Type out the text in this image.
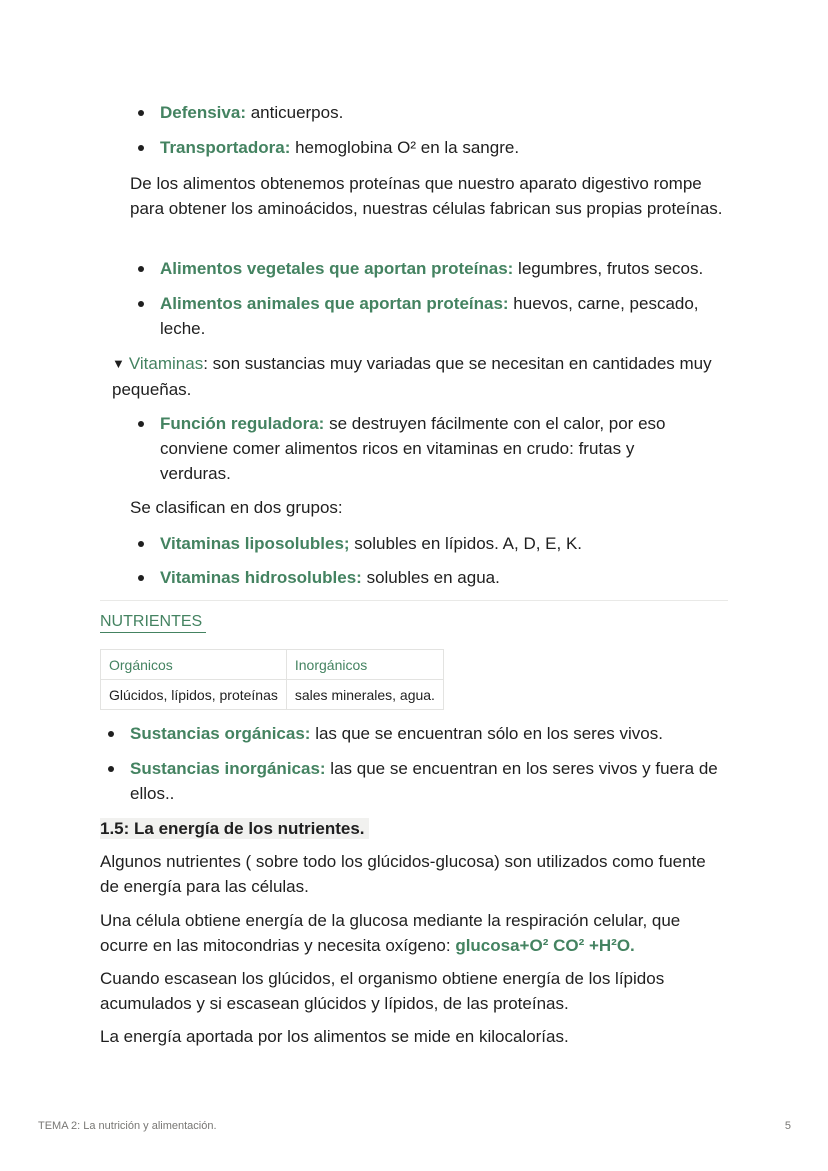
Defensiva: anticuerpos.
Transportadora: hemoglobina O² en la sangre.

De los alimentos obtenemos proteínas que nuestro aparato digestivo rompe para obtener los aminoácidos, nuestras células fabrican sus propias proteínas.

Alimentos vegetales que aportan proteínas: legumbres, frutos secos.
Alimentos animales que aportan proteínas: huevos, carne, pescado, leche.

▼ Vitaminas: son sustancias muy variadas que se necesitan en cantidades muy pequeñas.

Función reguladora: se destruyen fácilmente con el calor, por eso conviene comer alimentos ricos en vitaminas en crudo: frutas y verduras.

Se clasifican en dos grupos:

Vitaminas liposolubles; solubles en lípidos. A, D, E, K.
Vitaminas hidrosolubles: solubles en agua.
NUTRIENTES
Orgánicos	Inorgánicos
Glúcidos, lípidos, proteínas	sales minerales, agua.
Sustancias orgánicas: las que se encuentran sólo en los seres vivos.
Sustancias inorgánicas: las que se encuentran en los seres vivos y fuera de ellos..

1.5: La energía de los nutrientes.

Algunos nutrientes ( sobre todo los glúcidos-glucosa) son utilizados como fuente de energía para las células.

Una célula obtiene energía de la glucosa mediante la respiración celular, que ocurre en las mitocondrias y necesita oxígeno: glucosa+O² CO² +H²O.

Cuando escasean los glúcidos, el organismo obtiene energía de los lípidos acumulados y si escasean glúcidos y lípidos, de las proteínas.

La energía aportada por los alimentos se mide en kilocalorías.

TEMA 2: La nutrición y alimentación.	5
